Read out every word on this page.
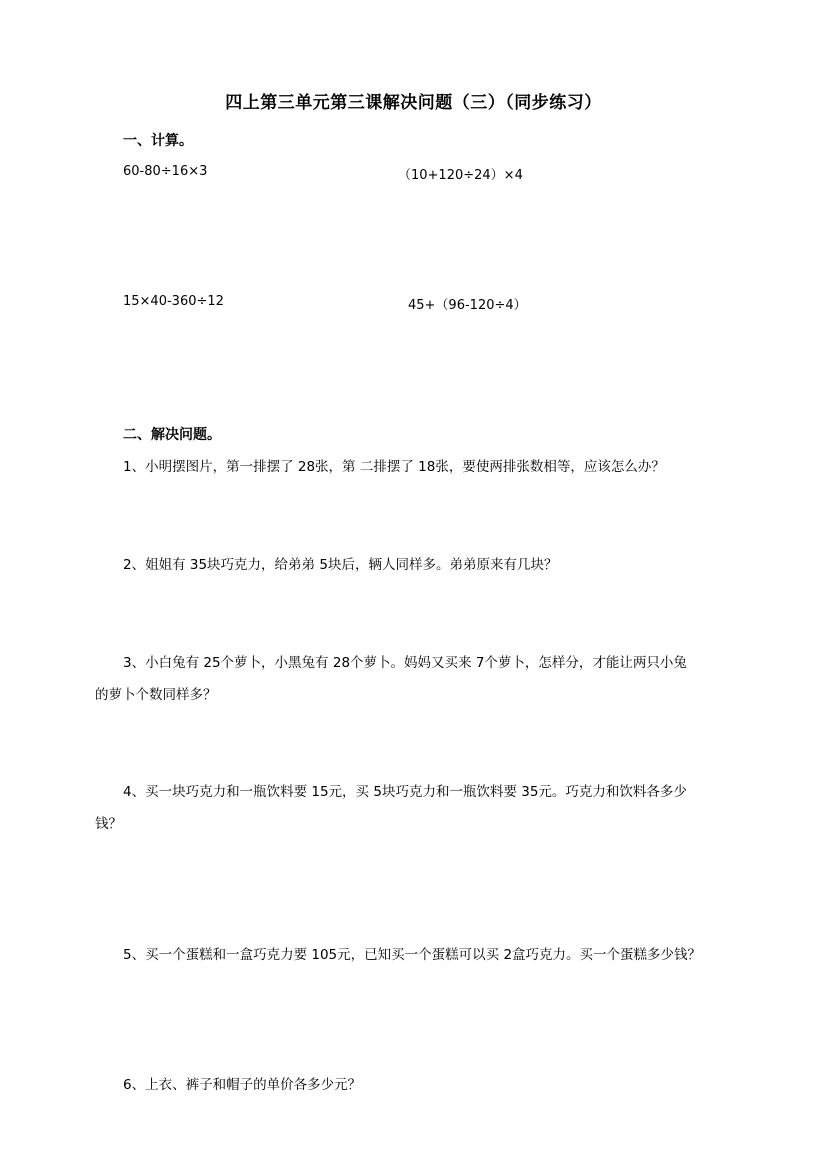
四上第三单元第三课解决问题（三）（同步练习）
一、计算。
60-80÷16×3	（10+120÷24）×4
15×40-360÷12	45+（96-120÷4）
二、解决问题。
1、小明摆图片，第一排摆了 28张，第 二排摆了 18张，要使两排张数相等，应该怎么办？
2、姐姐有 35块巧克力，给弟弟 5块后，辆人同样多。弟弟原来有几块？
3、小白兔有 25个萝卜，小黑兔有 28个萝卜。妈妈又买来 7个萝卜，怎样分，才能让两只小兔
的萝卜个数同样多？
4、买一块巧克力和一瓶饮料要 15元，买 5块巧克力和一瓶饮料要 35元。巧克力和饮料各多少
钱？
5、买一个蛋糕和一盒巧克力要 105元，已知买一个蛋糕可以买 2盒巧克力。买一个蛋糕多少钱？
6、上衣、裤子和帽子的单价各多少元？
